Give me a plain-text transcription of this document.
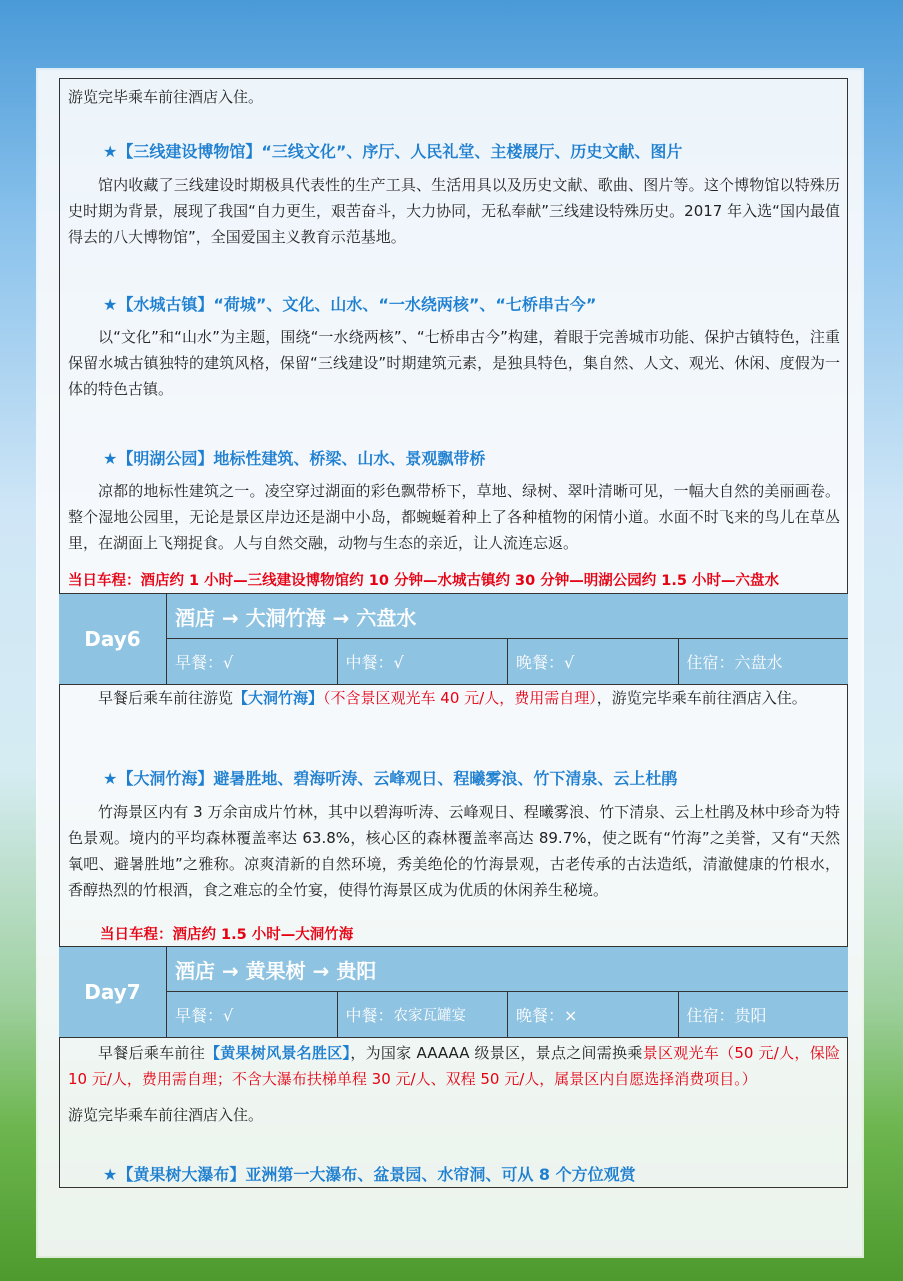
游览完毕乘车前往酒店入住。
★【三线建设博物馆】“三线文化”、序厅、人民礼堂、主楼展厅、历史文献、图片
馆内收藏了三线建设时期极具代表性的生产工具、生活用具以及历史文献、歌曲、图片等。这个博物馆以特殊历史时期为背景，展现了我国“自力更生，艰苦奋斗，大力协同，无私奉献”三线建设特殊历史。2017 年入选“国内最值得去的八大博物馆”，全国爱国主义教育示范基地。
★【水城古镇】“荷城”、文化、山水、“一水绕两核”、“七桥串古今”
以“文化”和“山水”为主题，围绕“一水绕两核”、“七桥串古今”构建，着眼于完善城市功能、保护古镇特色，注重保留水城古镇独特的建筑风格，保留“三线建设”时期建筑元素，是独具特色，集自然、人文、观光、休闲、度假为一体的特色古镇。
★【明湖公园】地标性建筑、桥梁、山水、景观飘带桥
凉都的地标性建筑之一。凌空穿过湖面的彩色飘带桥下，草地、绿树、翠叶清晰可见，一幅大自然的美丽画卷。整个湿地公园里，无论是景区岸边还是湖中小岛，都蜿蜒着种上了各种植物的闲情小道。水面不时飞来的鸟儿在草丛里，在湖面上飞翔捉食。人与自然交融，动物与生态的亲近，让人流连忘返。
当日车程：酒店约 1 小时—三线建设博物馆约 10 分钟—水城古镇约 30 分钟—明湖公园约 1.5 小时—六盘水
Day6
酒店 → 大洞竹海 → 六盘水
早餐：√	中餐：√	晚餐：√	住宿：六盘水
早餐后乘车前往游览【大洞竹海】（不含景区观光车 40 元/人，费用需自理），游览完毕乘车前往酒店入住。
★【大洞竹海】避暑胜地、碧海听涛、云峰观日、程曦雾浪、竹下清泉、云上杜鹃
竹海景区内有 3 万余亩成片竹林，其中以碧海听涛、云峰观日、程曦雾浪、竹下清泉、云上杜鹃及林中珍奇为特色景观。境内的平均森林覆盖率达 63.8%，核心区的森林覆盖率高达 89.7%，使之既有“竹海”之美誉，又有“天然氧吧、避暑胜地”之雅称。凉爽清新的自然环境，秀美绝伦的竹海景观，古老传承的古法造纸，清澈健康的竹根水，香醇热烈的竹根酒，食之难忘的全竹宴，使得竹海景区成为优质的休闲养生秘境。
当日车程：酒店约 1.5 小时—大洞竹海
Day7
酒店 → 黄果树 → 贵阳
早餐：√	中餐： 农家瓦罐宴	晚餐：×	住宿：贵阳
早餐后乘车前往【黄果树风景名胜区】，为国家 AAAAA 级景区，景点之间需换乘景区观光车（50 元/人，保险 10 元/人，费用需自理；不含大瀑布扶梯单程 30 元/人、双程 50 元/人，属景区内自愿选择消费项目。）
游览完毕乘车前往酒店入住。
★【黄果树大瀑布】亚洲第一大瀑布、盆景园、水帘洞、可从 8 个方位观赏
